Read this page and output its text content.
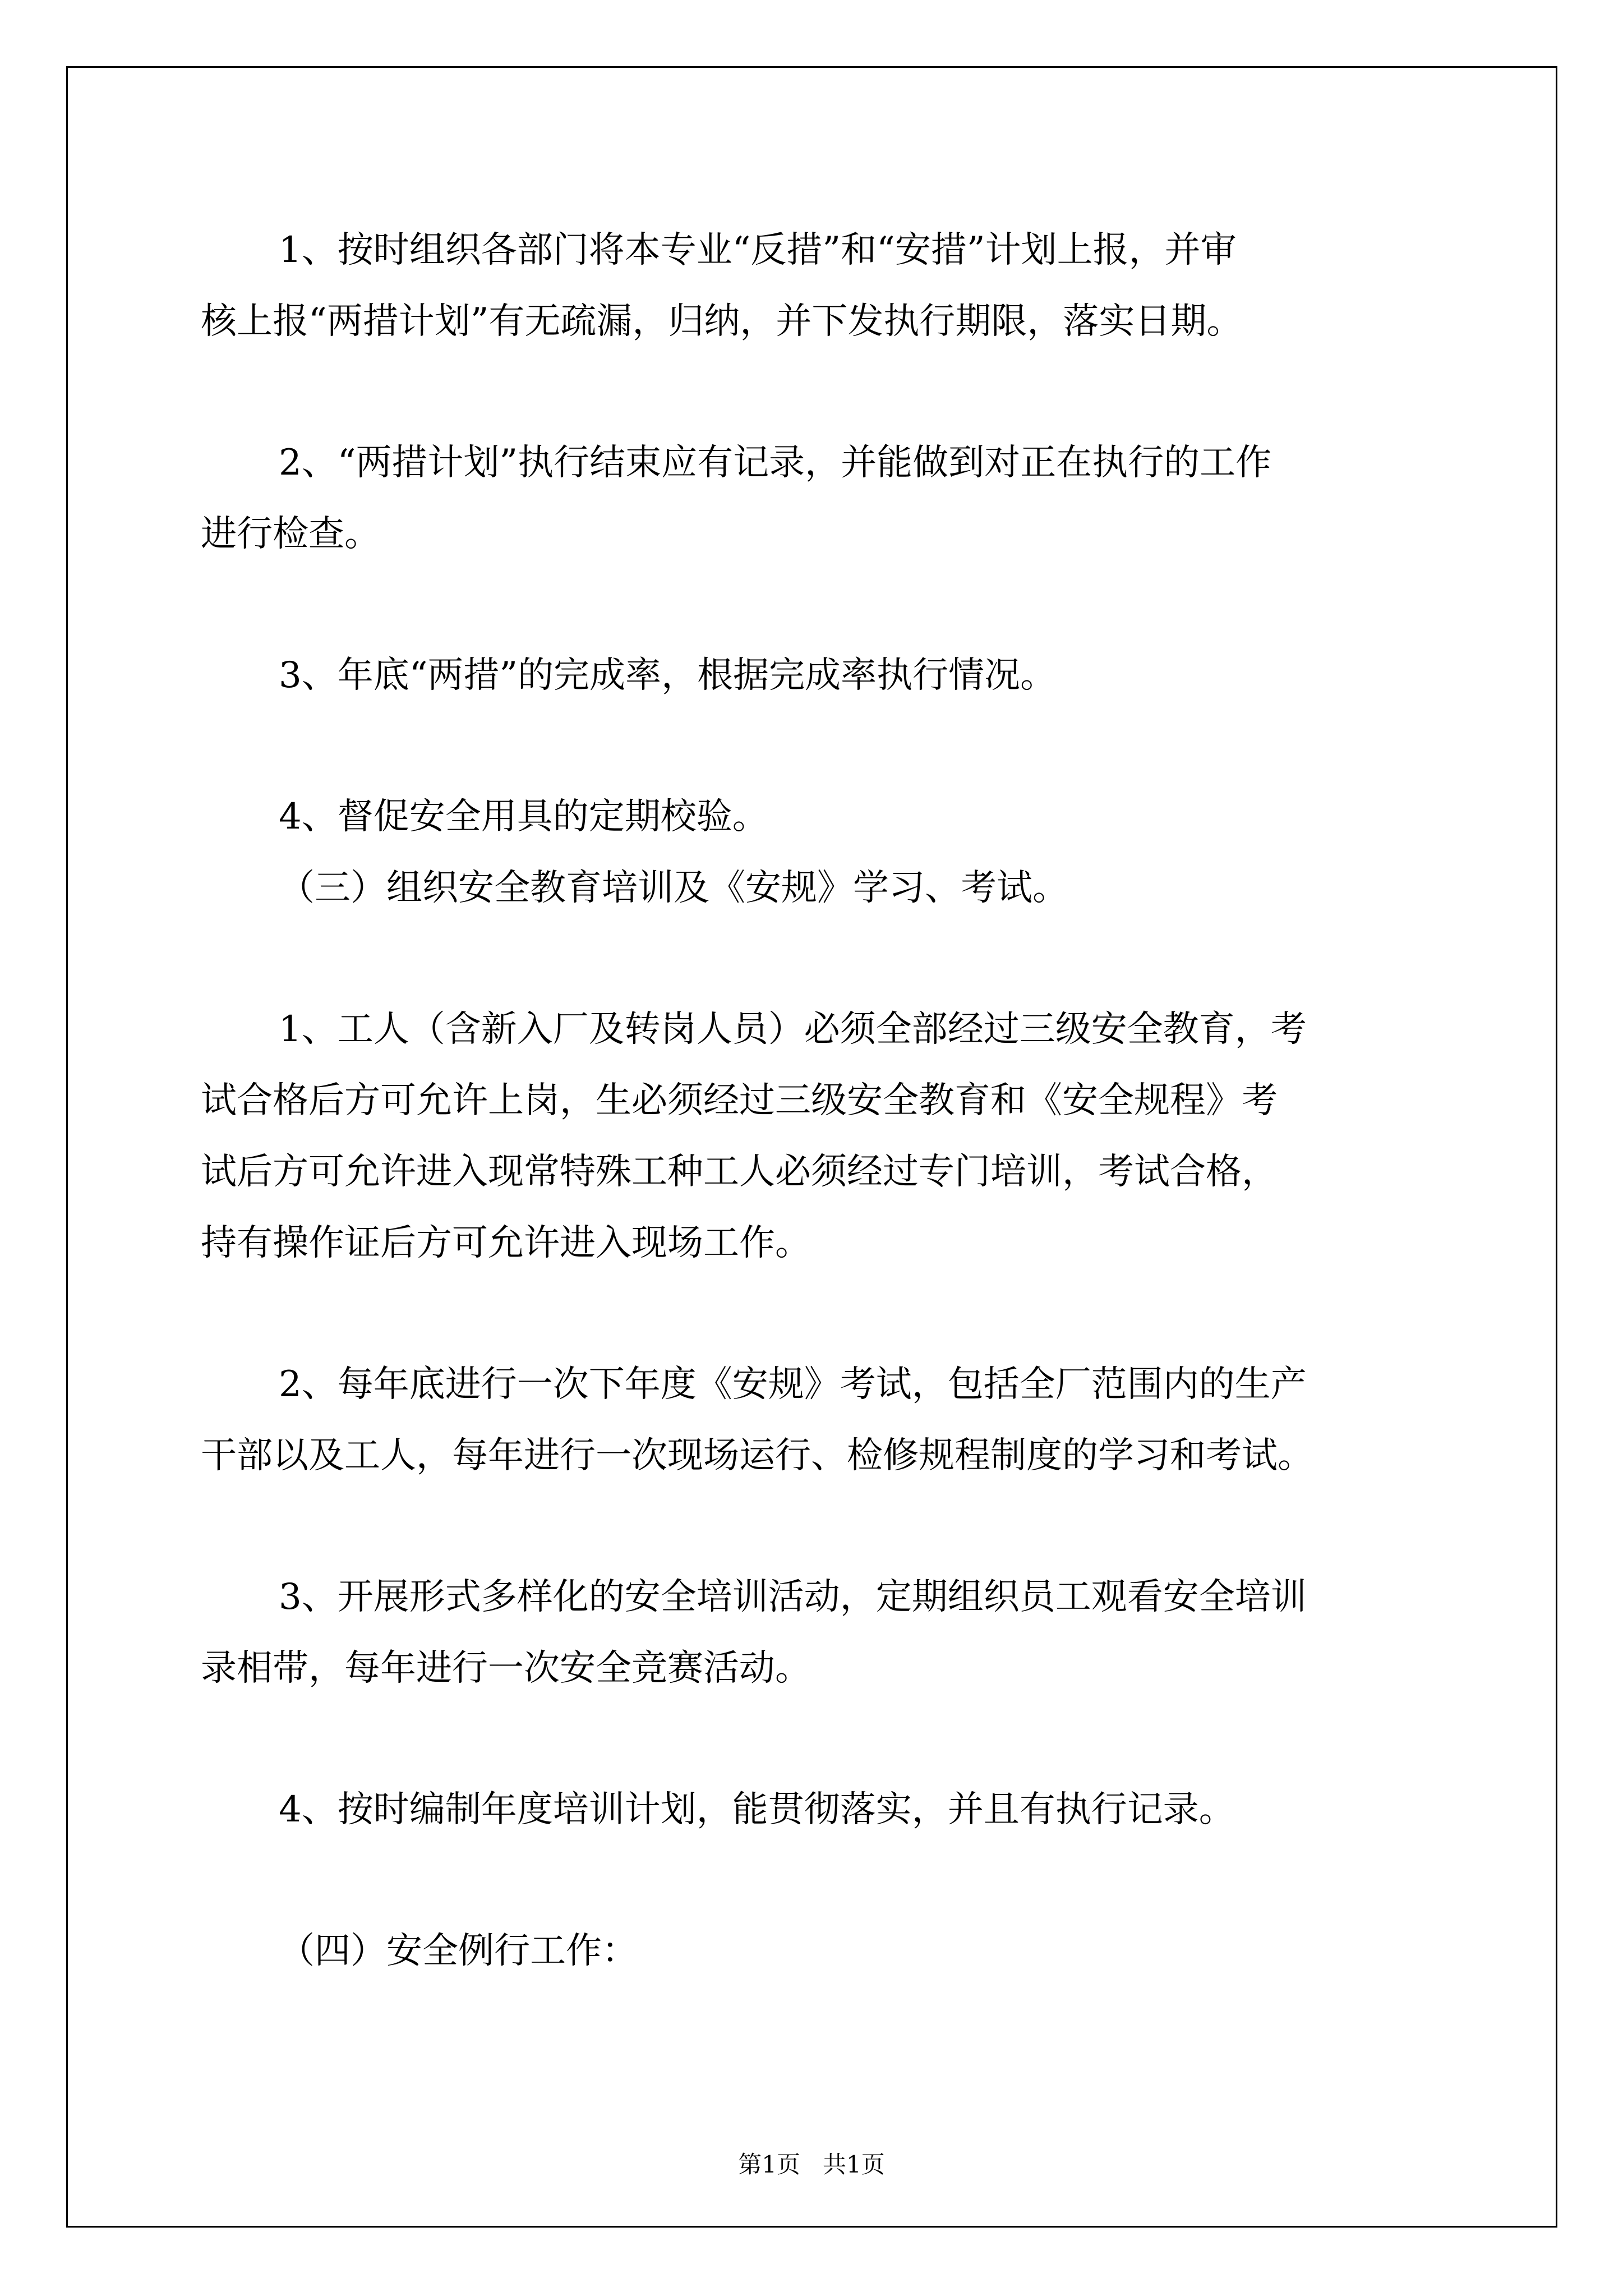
1、按时组织各部门将本专业“反措”和“安措”计划上报，并审
核上报“两措计划”有无疏漏，归纳，并下发执行期限，落实日期。
2、“两措计划”执行结束应有记录，并能做到对正在执行的工作
进行检查。
3、年底“两措”的完成率，根据完成率执行情况。
4、督促安全用具的定期校验。
（三）组织安全教育培训及《安规》学习、考试。
1、工人（含新入厂及转岗人员）必须全部经过三级安全教育，考
试合格后方可允许上岗，生必须经过三级安全教育和《安全规程》考
试后方可允许进入现常特殊工种工人必须经过专门培训，考试合格，
持有操作证后方可允许进入现场工作。
2、每年底进行一次下年度《安规》考试，包括全厂范围内的生产
干部以及工人，每年进行一次现场运行、检修规程制度的学习和考试。
3、开展形式多样化的安全培训活动，定期组织员工观看安全培训
录相带，每年进行一次安全竞赛活动。
4、按时编制年度培训计划，能贯彻落实，并且有执行记录。
（四）安全例行工作：
第1页   共1页
